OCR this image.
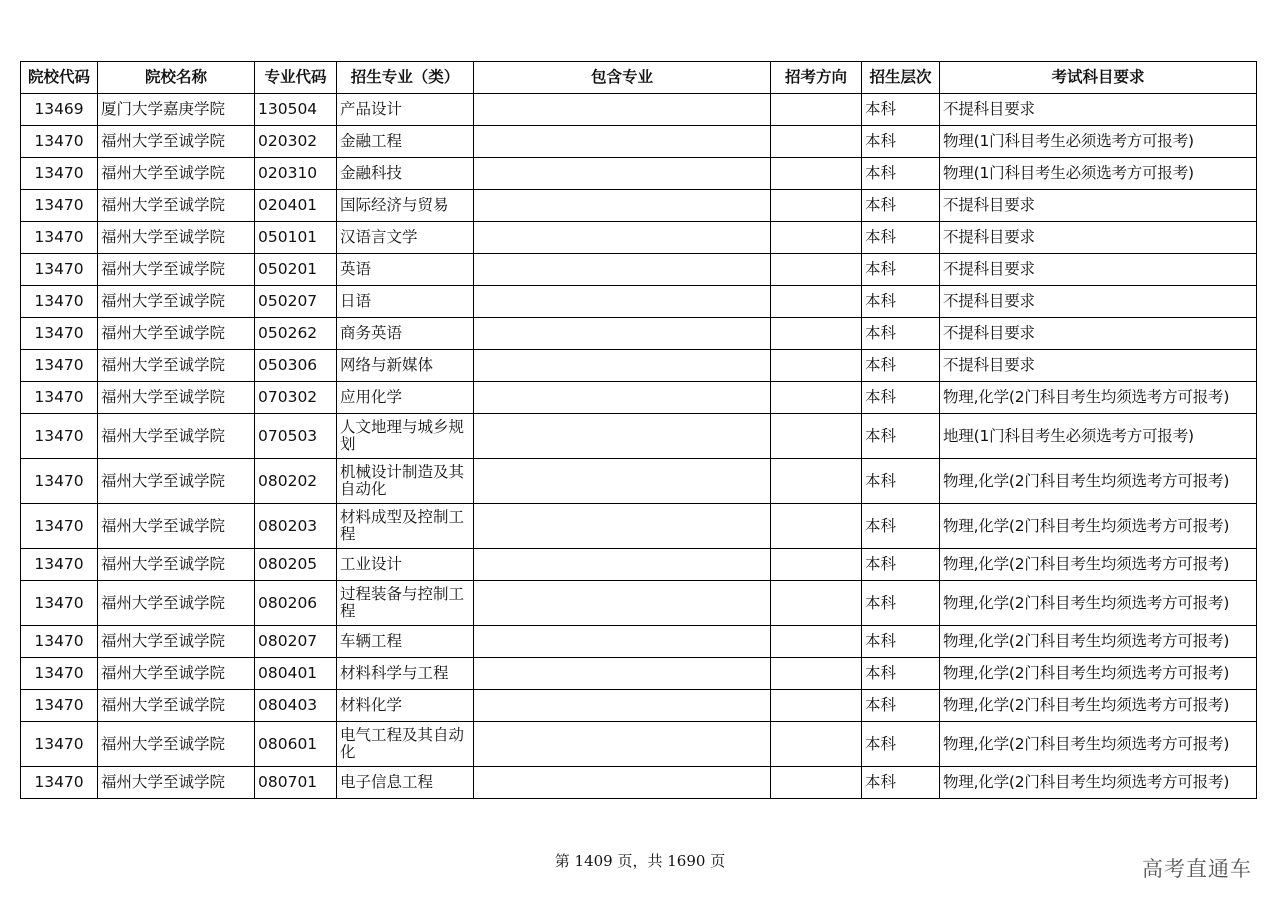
院校代码	院校名称	专业代码	招生专业（类）	包含专业	招考方向	招生层次	考试科目要求
13469	厦门大学嘉庚学院	130504	产品设计			本科	不提科目要求
13470	福州大学至诚学院	020302	金融工程			本科	物理(1门科目考生必须选考方可报考)
13470	福州大学至诚学院	020310	金融科技			本科	物理(1门科目考生必须选考方可报考)
13470	福州大学至诚学院	020401	国际经济与贸易			本科	不提科目要求
13470	福州大学至诚学院	050101	汉语言文学			本科	不提科目要求
13470	福州大学至诚学院	050201	英语			本科	不提科目要求
13470	福州大学至诚学院	050207	日语			本科	不提科目要求
13470	福州大学至诚学院	050262	商务英语			本科	不提科目要求
13470	福州大学至诚学院	050306	网络与新媒体			本科	不提科目要求
13470	福州大学至诚学院	070302	应用化学			本科	物理,化学(2门科目考生均须选考方可报考)
13470	福州大学至诚学院	070503	人文地理与城乡规划			本科	地理(1门科目考生必须选考方可报考)
13470	福州大学至诚学院	080202	机械设计制造及其自动化			本科	物理,化学(2门科目考生均须选考方可报考)
13470	福州大学至诚学院	080203	材料成型及控制工程			本科	物理,化学(2门科目考生均须选考方可报考)
13470	福州大学至诚学院	080205	工业设计			本科	物理,化学(2门科目考生均须选考方可报考)
13470	福州大学至诚学院	080206	过程装备与控制工程			本科	物理,化学(2门科目考生均须选考方可报考)
13470	福州大学至诚学院	080207	车辆工程			本科	物理,化学(2门科目考生均须选考方可报考)
13470	福州大学至诚学院	080401	材料科学与工程			本科	物理,化学(2门科目考生均须选考方可报考)
13470	福州大学至诚学院	080403	材料化学			本科	物理,化学(2门科目考生均须选考方可报考)
13470	福州大学至诚学院	080601	电气工程及其自动化			本科	物理,化学(2门科目考生均须选考方可报考)
13470	福州大学至诚学院	080701	电子信息工程			本科	物理,化学(2门科目考生均须选考方可报考)
第 1409 页，共 1690 页	高考直通车
